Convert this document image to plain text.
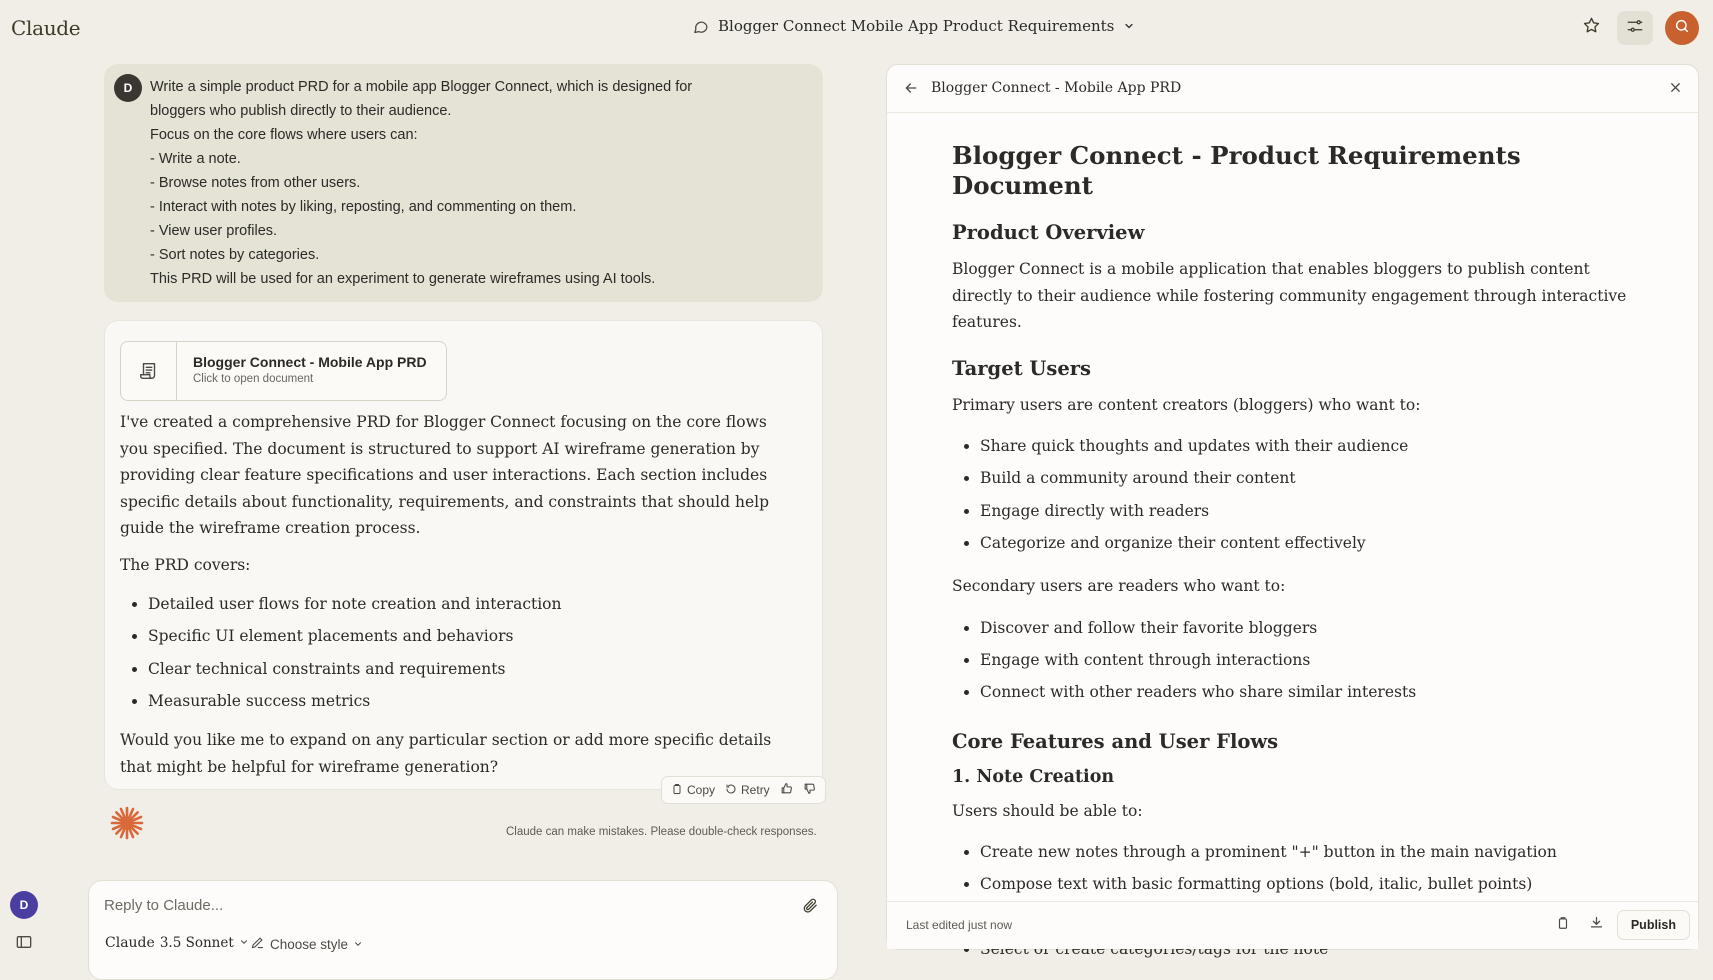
Claude	Blogger Connect Mobile App Product Requirements
D	Write a simple product PRD for a mobile app Blogger Connect, which is designed for

bloggers who publish directly to their audience.

Focus on the core flows where users can:

- Write a note.

- Browse notes from other users.

- Interact with notes by liking, reposting, and commenting on them.

- View user profiles.

- Sort notes by categories.

This PRD will be used for an experiment to generate wireframes using AI tools.

Blogger Connect - Mobile App PRD
Click to open document

I've created a comprehensive PRD for Blogger Connect focusing on the core flows you specified. The document is structured to support AI wireframe generation by providing clear feature specifications and user interactions. Each section includes specific details about functionality, requirements, and constraints that should help guide the wireframe creation process.

The PRD covers:

• Detailed user flows for note creation and interaction
• Specific UI element placements and behaviors
• Clear technical constraints and requirements
• Measurable success metrics

Would you like me to expand on any particular section or add more specific details that might be helpful for wireframe generation?

Copy Retry
Claude can make mistakes. Please double-check responses.
D
Reply to Claude...
Claude 3.5 Sonnet	Choose style
Blogger Connect - Mobile App PRD
Blogger Connect - Product Requirements Document
Product Overview

Blogger Connect is a mobile application that enables bloggers to publish content directly to their audience while fostering community engagement through interactive features.

Target Users

Primary users are content creators (bloggers) who want to:

• Share quick thoughts and updates with their audience
• Build a community around their content
• Engage directly with readers
• Categorize and organize their content effectively

Secondary users are readers who want to:

• Discover and follow their favorite bloggers
• Engage with content through interactions
• Connect with other readers who share similar interests
Core Features and User Flows
1. Note Creation

Users should be able to:

• Create new notes through a prominent "+" button in the main navigation
• Compose text with basic formatting options (bold, italic, bullet points)
•
•
Last edited just now	Publish
